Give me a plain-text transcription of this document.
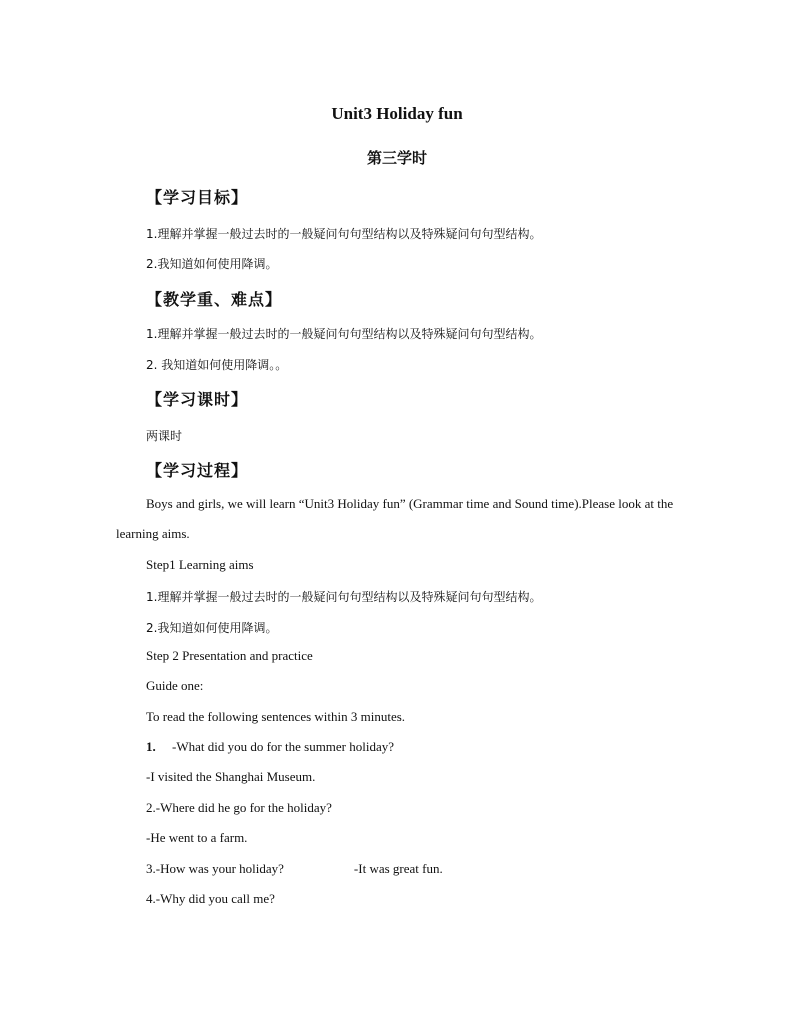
Unit3 Holiday fun
第三学时
【学习目标】
1.理解并掌握一般过去时的一般疑问句句型结构以及特殊疑问句句型结构。
2.我知道如何使用降调。
【教学重、难点】
1.理解并掌握一般过去时的一般疑问句句型结构以及特殊疑问句句型结构。
2. 我知道如何使用降调。。
【学习课时】
两课时
【学习过程】
Boys and girls, we will learn “Unit3 Holiday fun” (Grammar time and Sound time).Please look at the learning aims.
Step1 Learning aims
1.理解并掌握一般过去时的一般疑问句句型结构以及特殊疑问句句型结构。
2.我知道如何使用降调。
Step 2 Presentation and practice
Guide one:
To read the following sentences within 3 minutes.
1. -What did you do for the summer holiday?
-I visited the Shanghai Museum.
2.-Where did he go for the holiday?
-He went to a farm.
3.-How was your holiday?	-It was great fun.
4.-Why did you call me?
